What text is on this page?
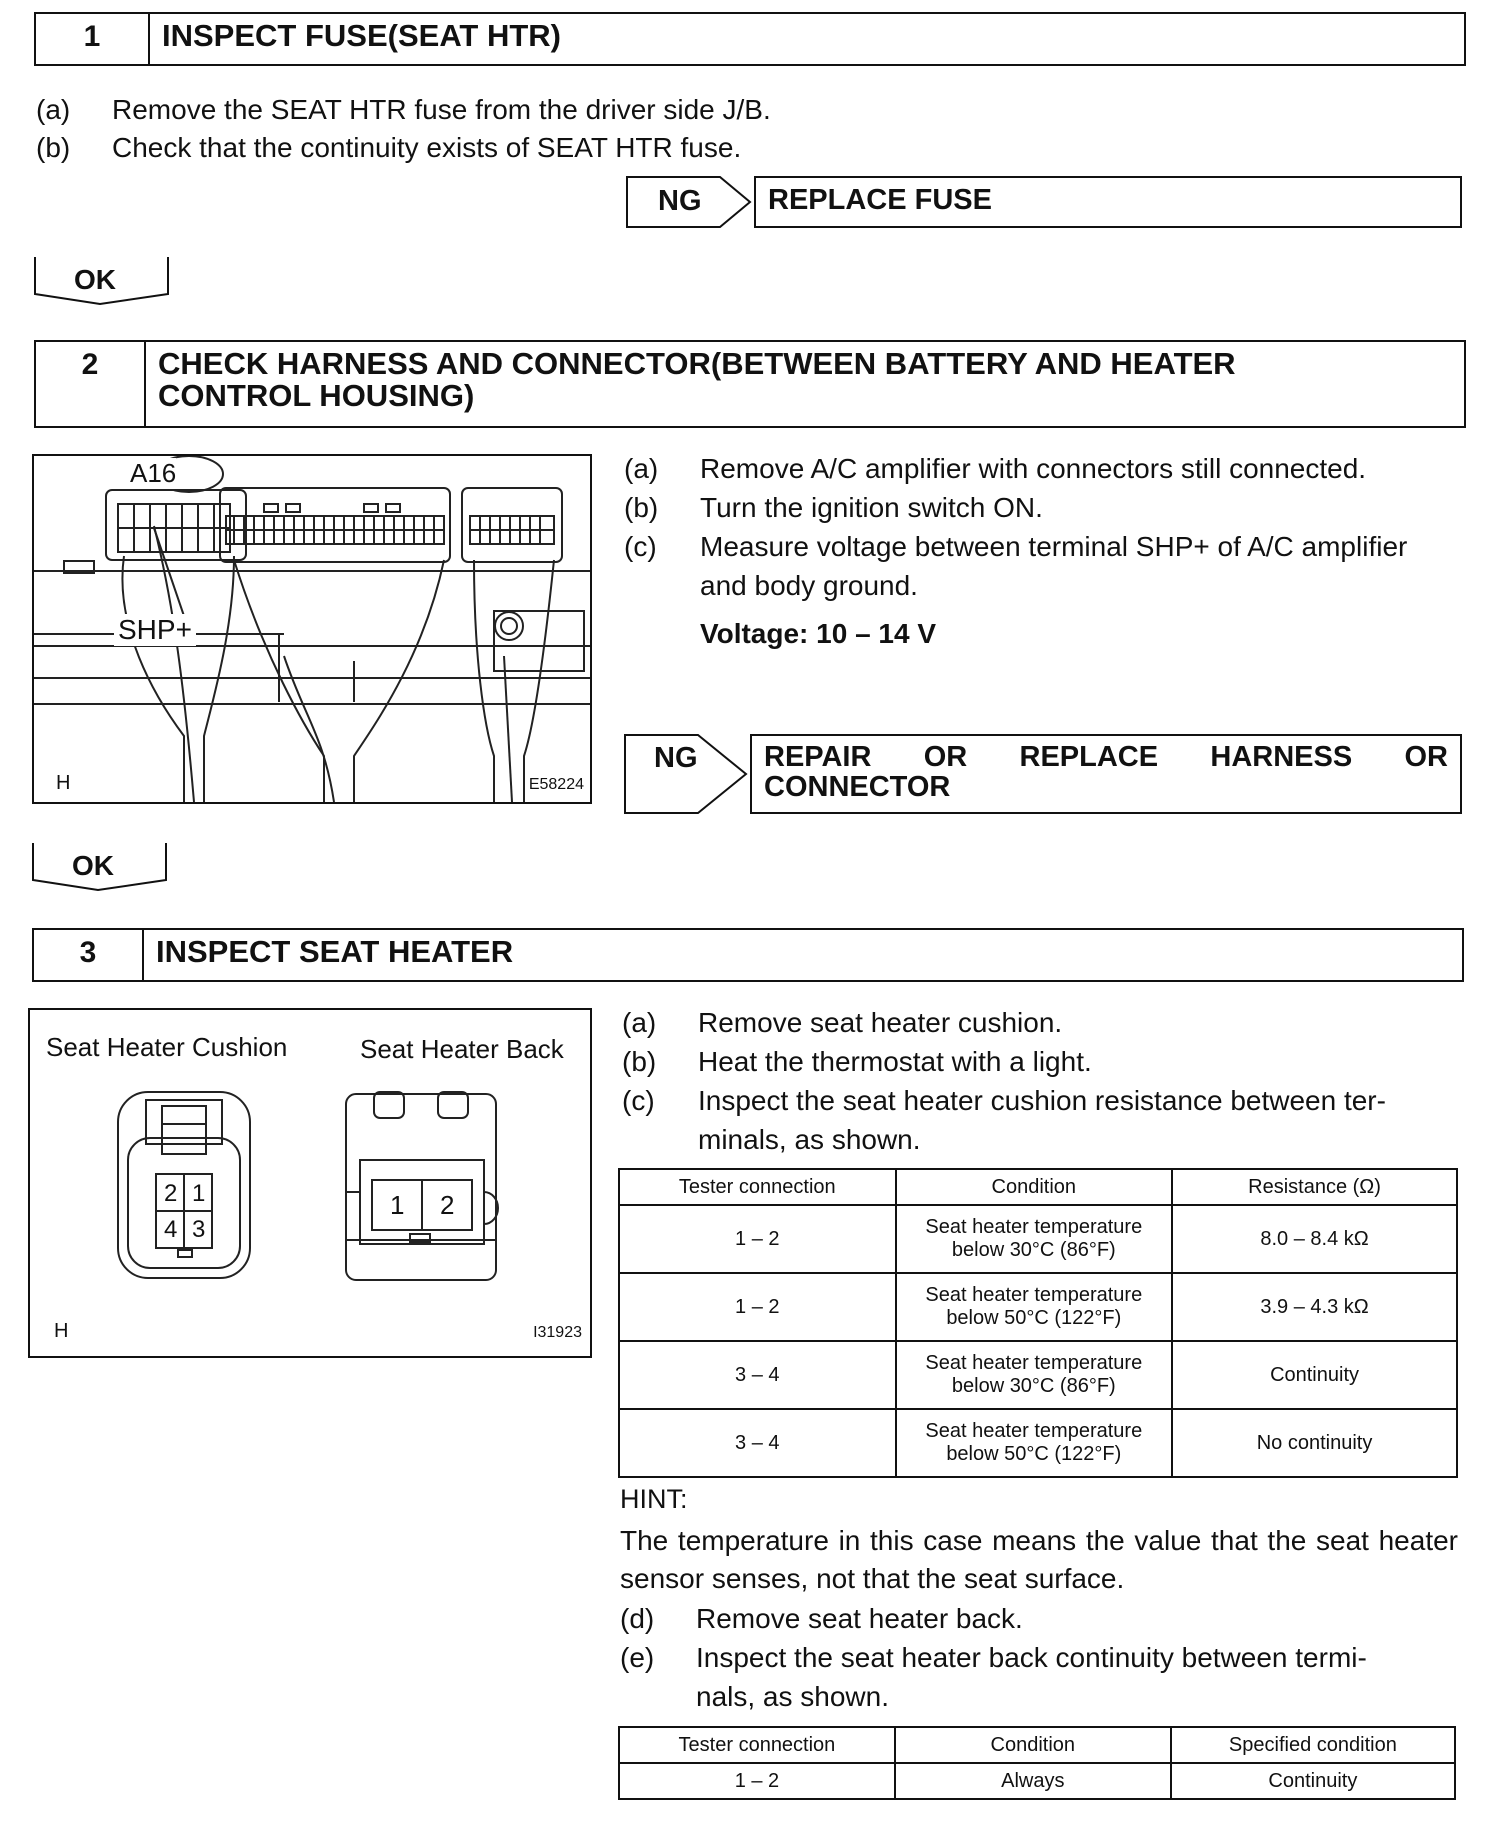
1	INSPECT FUSE(SEAT HTR)
(a) Remove the SEAT HTR fuse from the driver side J/B.
(b) Check that the continuity exists of SEAT HTR fuse.
NG	REPLACE FUSE
OK
2	CHECK HARNESS AND CONNECTOR(BETWEEN BATTERY AND HEATER
CONTROL HOUSING)
A16
SHP+
H	E58224
(a) Remove A/C amplifier with connectors still connected.
(b) Turn the ignition switch ON.
(c) Measure voltage between terminal SHP+ of A/C amplifier
and body ground.
Voltage: 10 – 14 V
NG REPAIR OR REPLACE HARNESS OR
CONNECTOR
OK
3	INSPECT SEAT HEATER
Seat Heater Cushion	Seat Heater Back
2 1
4 3
1 2
H	I31923
(a) Remove seat heater cushion.
(b) Heat the thermostat with a light.
(c) Inspect the seat heater cushion resistance between ter-
minals, as shown.
Tester connection	Condition	Resistance (Ω)
1 – 2	Seat heater temperature
below 30°C (86°F)	8.0 – 8.4 kΩ
1 – 2	Seat heater temperature
below 50°C (122°F)	3.9 – 4.3 kΩ
3 – 4	Seat heater temperature
below 30°C (86°F)	Continuity
3 – 4	Seat heater temperature
below 50°C (122°F)	No continuity
HINT:
The temperature in this case means the value that the seat heater sensor senses, not that the seat surface.
(d) Remove seat heater back.
(e) Inspect the seat heater back continuity between termi-
nals, as shown.
Tester connection	Condition	Specified condition
1 – 2	Always	Continuity
